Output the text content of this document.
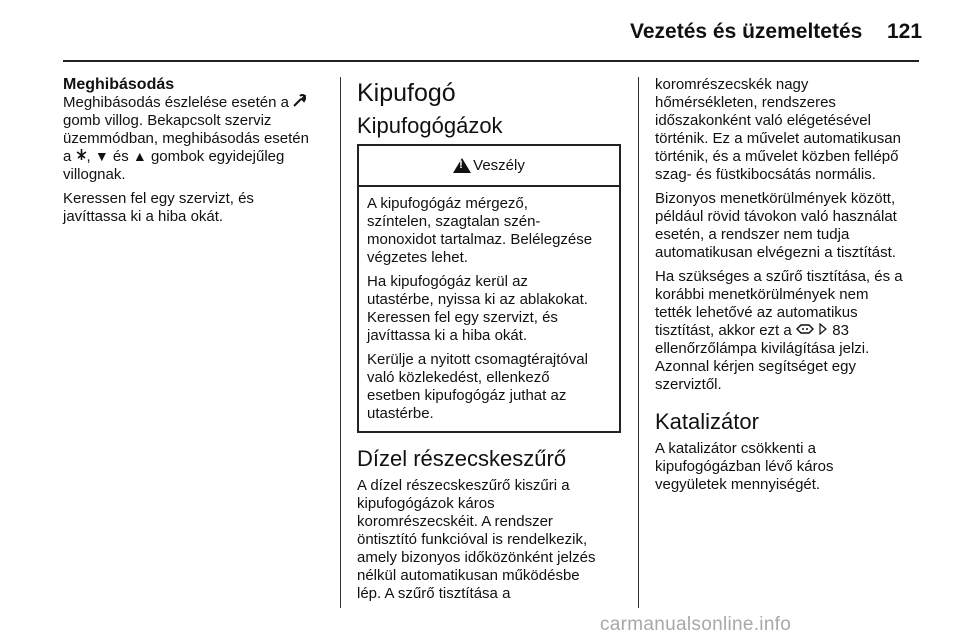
Vezetés és üzemeltetés 121
Meghibásodás

Meghibásodás észlelése esetén a
gomb villog. Bekapcsolt szerviz
üzemmódban, meghibásodás esetén
a , ▼ és ▲ gombok egyidejűleg
villognak.

Keressen fel egy szervizt, és
javíttassa ki a hiba okát.

Kipufogó
Kipufogógázok
!
Veszély

A kipufogógáz mérgező,
színtelen, szagtalan szén-
monoxidot tartalmaz. Belélegzése
végzetes lehet.

Ha kipufogógáz kerül az
utastérbe, nyissa ki az ablakokat.
Keressen fel egy szervizt, és
javíttassa ki a hiba okát.

Kerülje a nyitott csomagtérajtóval
való közlekedést, ellenkező
esetben kipufogógáz juthat az
utastérbe.

Dízel részecskeszűrő

A dízel részecskeszűrő kiszűri a
kipufogógázok káros
koromrészecskéit. A rendszer
öntisztító funkcióval is rendelkezik,
amely bizonyos időközönként jelzés
nélkül automatikusan működésbe
lép. A szűrő tisztítása a

koromrészecskék nagy
hőmérsékleten, rendszeres
időszakonként való elégetésével
történik. Ez a művelet automatikusan
történik, és a művelet közben fellépő
szag- és füstkibocsátás normális.

Bizonyos menetkörülmények között,
például rövid távokon való használat
esetén, a rendszer nem tudja
automatikusan elvégezni a tisztítást.

Ha szükséges a szűrő tisztítása, és a
korábbi menetkörülmények nem
tették lehetővé az automatikus
tisztítást, akkor ezt a	83
ellenőrzőlámpa kivilágítása jelzi.
Azonnal kérjen segítséget egy
szerviztől.

Katalizátor

A katalizátor csökkenti a
kipufogógázban lévő káros
vegyületek mennyiségét.

carmanualsonline.info
